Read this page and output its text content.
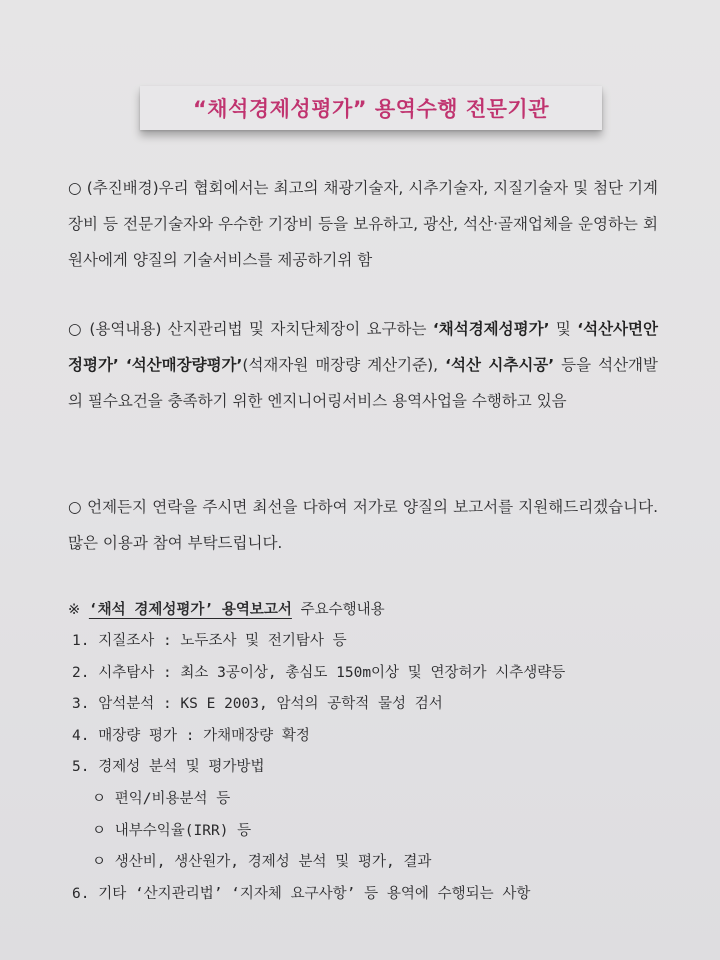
“채석경제성평가” 용역수행 전문기관
○ (추진배경)우리 협회에서는 최고의 채광기술자, 시추기술자, 지질기술자 및 첨단 기계장비 등 전문기술자와 우수한 기장비 등을 보유하고, 광산, 석산·골재업체을 운영하는 회원사에게 양질의 기술서비스를 제공하기위 함
○ (용역내용) 산지관리법 및 자치단체장이 요구하는 ‘채석경제성평가’ 및 ‘석산사면안정평가’ ‘석산매장량평가’(석재자원 매장량 계산기준), ‘석산 시추시공’ 등을 석산개발의 필수요건을 충족하기 위한 엔지니어링서비스 용역사업을 수행하고 있음
○ 언제든지 연락을 주시면 최선을 다하여 저가로 양질의 보고서를 지원해드리겠습니다. 많은 이용과 참여 부탁드립니다.
※ ‘채석 경제성평가’ 용역보고서 주요수행내용
1. 지질조사 : 노두조사 및 전기탐사 등
2. 시추탐사 : 최소 3공이상, 총심도 150m이상 및 연장허가 시추생략등
3. 암석분석 : KS E 2003, 암석의 공학적 물성 검서
4. 매장량 평가 : 가채매장량 확정
5. 경제성 분석 및 평가방법
ㅇ 편익/비용분석 등
ㅇ 내부수익율(IRR) 등
ㅇ 생산비, 생산원가, 경제성 분석 및 평가, 결과
6. 기타 ‘산지관리법’ ‘지자체 요구사항’ 등 용역에 수행되는 사항
